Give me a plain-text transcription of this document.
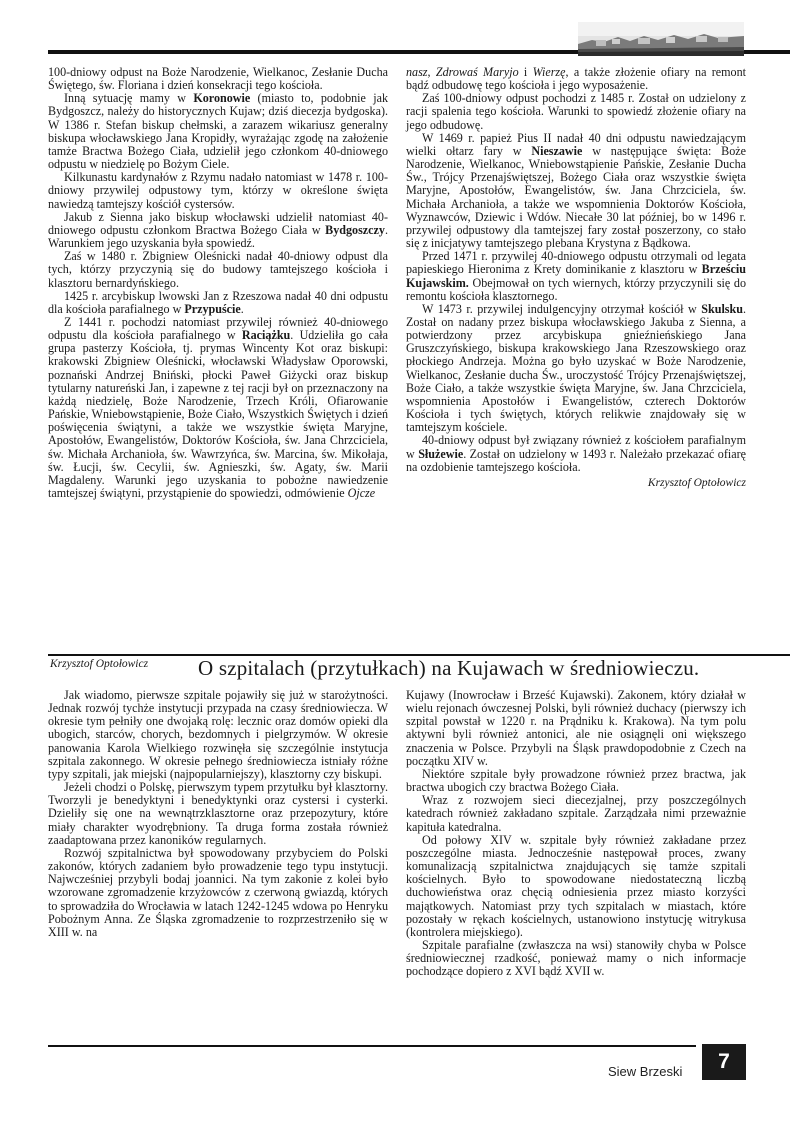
100-dniowy odpust na Boże Narodzenie, Wielkanoc, Zesłanie Ducha Świętego, św. Floriana i dzień konsekracji tego kościoła.

Inną sytuację mamy w Koronowie (miasto to, podobnie jak Bydgoszcz, należy do historycznych Kujaw; dziś diecezja bydgoska). W 1386 r. Stefan biskup chełmski, a zarazem wikariusz generalny biskupa włocławskiego Jana Kropidły, wyrażając zgodę na założenie tamże Bractwa Bożego Ciała, udzielił jego członkom 40-dniowego odpustu w niedzielę po Bożym Ciele.

Kilkunastu kardynałów z Rzymu nadało natomiast w 1478 r. 100-dniowy przywilej odpustowy tym, którzy w określone święta nawiedzą tamtejszy kościół cystersów.

Jakub z Sienna jako biskup włocławski udzielił natomiast 40-dniowego odpustu członkom Bractwa Bożego Ciała w Bydgoszczy. Warunkiem jego uzyskania była spowiedź.

Zaś w 1480 r. Zbigniew Oleśnicki nadał 40-dniowy odpust dla tych, którzy przyczynią się do budowy tamtejszego kościoła i klasztoru bernardyńskiego.

1425 r. arcybiskup lwowski Jan z Rzeszowa nadał 40 dni odpustu dla kościoła parafialnego w Przypuście.

Z 1441 r. pochodzi natomiast przywilej również 40-dniowego odpustu dla kościoła parafialnego w Raciążku. Udzieliła go cała grupa pasterzy Kościoła, tj. prymas Wincenty Kot oraz biskupi: krakowski Zbigniew Oleśnicki, włocławski Władysław Oporowski, poznański Andrzej Bniński, płocki Paweł Giżycki oraz biskup tytularny natureński Jan, i zapewne z tej racji był on przeznaczony na każdą niedzielę, Boże Narodzenie, Trzech Króli, Ofiarowanie Pańskie, Wniebowstąpienie, Boże Ciało, Wszystkich Świętych i dzień poświęcenia świątyni, a także we wszystkie święta Maryjne, Apostołów, Ewangelistów, Doktorów Kościoła, św. Jana Chrzciciela, św. Michała Archanioła, św. Wawrzyńca, św. Marcina, św. Mikołaja, św. Łucji, św. Cecylii, św. Agnieszki, św. Agaty, św. Marii Magdaleny. Warunki jego uzyskania to pobożne nawiedzenie tamtejszej świątyni, przystąpienie do spowiedzi, odmówienie Ojcze

nasz, Zdrowaś Maryjo i Wierzę, a także złożenie ofiary na remont bądź odbudowę tego kościoła i jego wyposażenie.

Zaś 100-dniowy odpust pochodzi z 1485 r. Został on udzielony z racji spalenia tego kościoła. Warunki to spowiedź złożenie ofiary na jego odbudowę.

W 1469 r. papież Pius II nadał 40 dni odpustu nawiedzającym wielki ołtarz fary w Nieszawie w następujące święta: Boże Narodzenie, Wielkanoc, Wniebowstąpienie Pańskie, Zesłanie Ducha Św., Trójcy Przenajświętszej, Bożego Ciała oraz wszystkie święta Maryjne, Apostołów, Ewangelistów, św. Jana Chrzciciela, św. Michała Archanioła, a także we wspomnienia Doktorów Kościoła, Wyznawców, Dziewic i Wdów. Niecałe 30 lat później, bo w 1496 r. przywilej odpustowy dla tamtejszej fary został poszerzony, co stało się z inicjatywy tamtejszego plebana Krystyna z Bądkowa.

Przed 1471 r. przywilej 40-dniowego odpustu otrzymali od legata papieskiego Hieronima z Krety dominikanie z klasztoru w Brześciu Kujawskim. Obejmował on tych wiernych, którzy przyczynili się do remontu kościoła klasztornego.

W 1473 r. przywilej indulgencyjny otrzymał kościół w Skulsku. Został on nadany przez biskupa włocławskiego Jakuba z Sienna, a potwierdzony przez arcybiskupa gnieźnieńskiego Jana Gruszczyńskiego, biskupa krakowskiego Jana Rzeszowskiego oraz płockiego Andrzeja. Można go było uzyskać w Boże Narodzenie, Wielkanoc, Zesłanie ducha Św., uroczystość Trójcy Przenajświętszej, Boże Ciało, a także wszystkie święta Maryjne, św. Jana Chrzciciela, wspomnienia Apostołów i Ewangelistów, czterech Doktorów Kościoła i tych świętych, których relikwie znajdowały się w tamtejszym kościele.

40-dniowy odpust był związany również z kościołem parafialnym w Służewie. Został on udzielony w 1493 r. Należało przekazać ofiarę na ozdobienie tamtejszego kościoła.

Krzysztof Optołowicz
Krzysztof Optołowicz O szpitalach (przytułkach) na Kujawach w średniowieczu.

Jak wiadomo, pierwsze szpitale pojawiły się już w starożytności. Jednak rozwój tychże instytucji przypada na czasy średniowiecza. W okresie tym pełniły one dwojaką rolę: lecznic oraz domów opieki dla ubogich, starców, chorych, bezdomnych i pielgrzymów. W okresie panowania Karola Wielkiego rozwinęła się szczególnie instytucja szpitala zakonnego. W okresie pełnego średniowiecza istniały różne typy szpitali, jak miejski (najpopularniejszy), klasztorny czy biskupi.

Jeżeli chodzi o Polskę, pierwszym typem przytułku był klasztorny. Tworzyli je benedyktyni i benedyktynki oraz cystersi i cysterki. Dzieliły się one na wewnątrzklasztorne oraz przepozytury, które miały charakter wyodrębniony. Ta druga forma została również zaadaptowana przez kanoników regularnych.

Rozwój szpitalnictwa był spowodowany przybyciem do Polski zakonów, których zadaniem było prowadzenie tego typu instytucji. Najwcześniej przybyli bodaj joannici. Na tym zakonie z kolei było wzorowane zgromadzenie krzyżowców z czerwoną gwiazdą, których to sprowadziła do Wrocławia w latach 1242-1245 wdowa po Henryku Pobożnym Anna. Ze Śląska zgromadzenie to rozprzestrzeniło się w XIII w. na

Kujawy (Inowrocław i Brześć Kujawski). Zakonem, który działał w wielu rejonach ówczesnej Polski, byli również duchacy (pierwszy ich szpital powstał w 1220 r. na Prądniku k. Krakowa). Na tym polu aktywni byli również antonici, ale nie osiągnęli oni większego znaczenia w Polsce. Przybyli na Śląsk prawdopodobnie z Czech na początku XIV w.

Niektóre szpitale były prowadzone również przez bractwa, jak bractwa ubogich czy bractwa Bożego Ciała.

Wraz z rozwojem sieci diecezjalnej, przy poszczególnych katedrach również zakładano szpitale. Zarządzała nimi przeważnie kapituła katedralna.

Od połowy XIV w. szpitale były również zakładane przez poszczególne miasta. Jednocześnie następował proces, zwany komunalizacją szpitalnictwa znajdujących się tamże szpitali kościelnych. Było to spowodowane niedostateczną liczbą duchowieństwa oraz chęcią odniesienia przez miasto korzyści majątkowych. Natomiast przy tych szpitalach w miastach, które pozostały w rękach kościelnych, ustanowiono instytucję witrykusa (kontrolera miejskiego).

Szpitale parafialne (zwłaszcza na wsi) stanowiły chyba w Polsce średniowiecznej rzadkość, ponieważ mamy o nich informacje pochodzące dopiero z XVI bądź XVII w.

Siew Brzeski	7
